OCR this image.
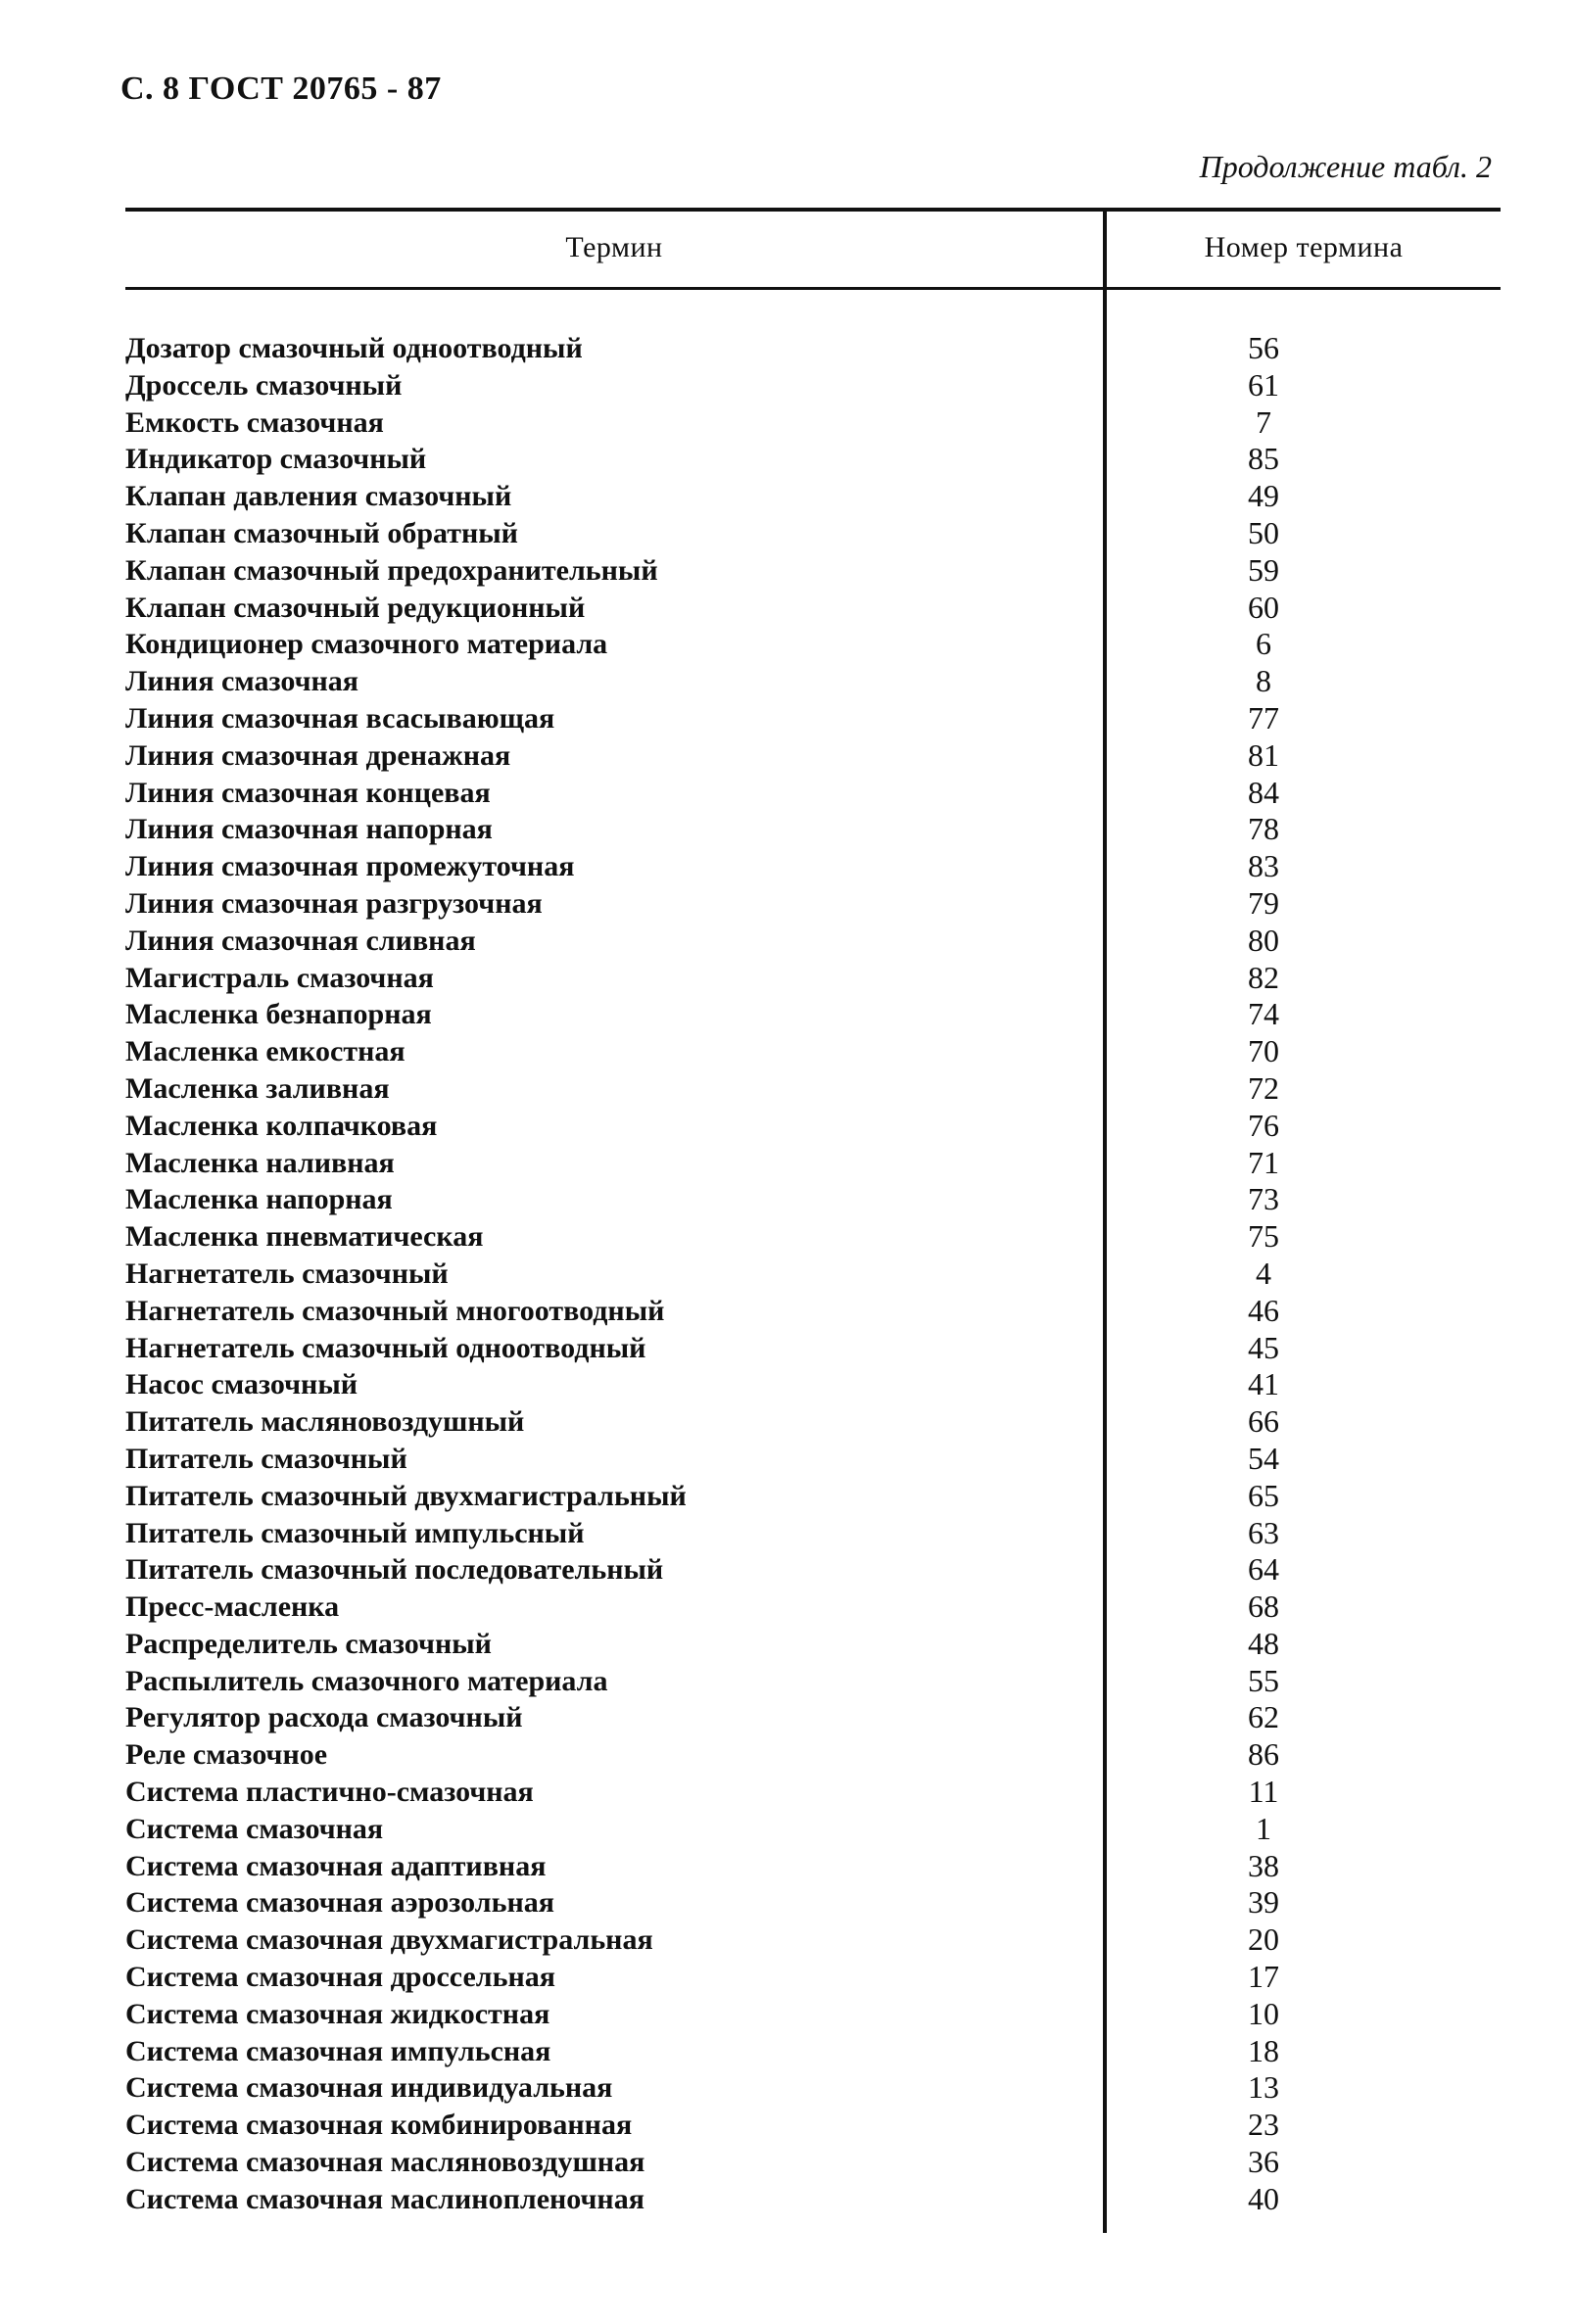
С. 8 ГОСТ 20765 - 87
Продолжение табл. 2
Термин	Номер термина
Дозатор смазочный одноотводный	56
Дроссель смазочный	61
Емкость смазочная	7
Индикатор смазочный	85
Клапан давления смазочный	49
Клапан смазочный обратный	50
Клапан смазочный предохранительный	59
Клапан смазочный редукционный	60
Кондиционер смазочного материала	6
Линия смазочная	8
Линия смазочная всасывающая	77
Линия смазочная дренажная	81
Линия смазочная концевая	84
Линия смазочная напорная	78
Линия смазочная промежуточная	83
Линия смазочная разгрузочная	79
Линия смазочная сливная	80
Магистраль смазочная	82
Масленка безнапорная	74
Масленка емкостная	70
Масленка заливная	72
Масленка колпачковая	76
Масленка наливная	71
Масленка напорная	73
Масленка пневматическая	75
Нагнетатель смазочный	4
Нагнетатель смазочный многоотводный	46
Нагнетатель смазочный одноотводный	45
Насос смазочный	41
Питатель масляновоздушный	66
Питатель смазочный	54
Питатель смазочный двухмагистральный	65
Питатель смазочный импульсный	63
Питатель смазочный последовательный	64
Пресс-масленка	68
Распределитель смазочный	48
Распылитель смазочного материала	55
Регулятор расхода смазочный	62
Реле смазочное	86
Система пластично-смазочная	11
Система смазочная	1
Система смазочная адаптивная	38
Система смазочная аэрозольная	39
Система смазочная двухмагистральная	20
Система смазочная дроссельная	17
Система смазочная жидкостная	10
Система смазочная импульсная	18
Система смазочная индивидуальная	13
Система смазочная комбинированная	23
Система смазочная масляновоздушная	36
Система смазочная маслинопленочная	40
